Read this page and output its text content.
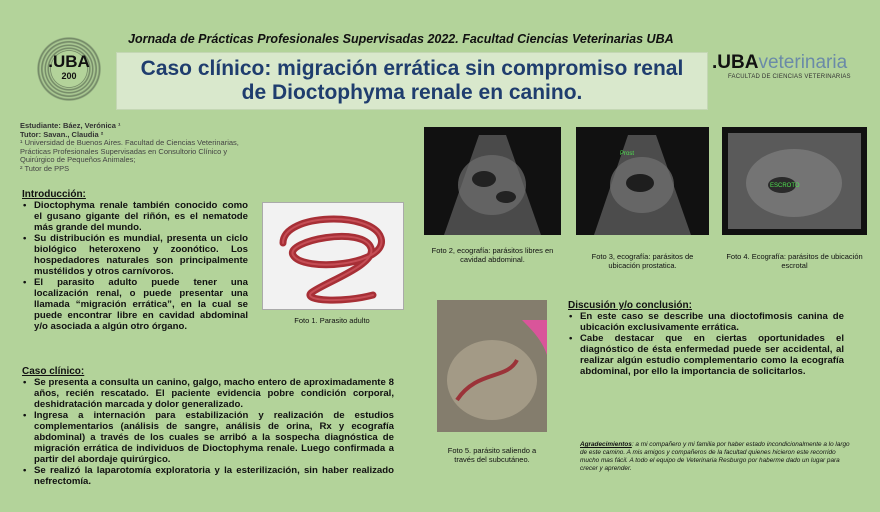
Jornada de Prácticas Profesionales Supervisadas 2022. Facultad Ciencias Veterinarias UBA
.UBA
200	Caso clínico: migración errática sin compromiso renal
de Dioctophyma renale en canino.
.UBAveterinaria
FACULTAD DE CIENCIAS VETERINARIAS
Estudiante: Báez, Verónica ¹
Tutor: Savan., Claudia ²
¹ Universidad de Buenos Aires. Facultad de Ciencias Veterinarias, Prácticas Profesionales Supervisadas en Consultorio Clínico y Quirúrgico de Pequeños Animales;
² Tutor de PPS
Introducción:
• Dioctophyma renale también conocido como el gusano gigante del riñón, es el nematode más grande del mundo.
• Su distribución es mundial, presenta un ciclo biológico heteroxeno y zoonótico. Los hospedadores naturales son principalmente mustélidos y otros carnívoros.
• El parasito adulto puede tener una localización renal, o puede presentar una llamada “migración errática”, en la cual se puede encontrar libre en cavidad abdominal y/o asociada a algún otro órgano.
Foto 1. Parasito adulto
Foto 2, ecografía: parásitos libres en cavidad abdominal.
Prost
Foto 3, ecografía: parásitos de ubicación prostatica.
ESCROTO
Foto 4. Ecografía: parásitos de ubicación escrotal
Foto 5. parásito saliendo a través del subcutáneo.
Caso clínico:
• Se presenta a consulta un canino, galgo, macho entero de aproximadamente 8 años, recién rescatado. El paciente evidencia pobre condición corporal, deshidratación marcada y dolor generalizado.
• Ingresa a internación para estabilización y realización de estudios complementarios (análisis de sangre, análisis de orina, Rx y ecografía abdominal) a través de los cuales se arribó a la sospecha diagnóstica de migración errática de individuos de Dioctophyma renale. Luego confirmada a partir del abordaje quirúrgico.
• Se realizó la laparotomía exploratoria y la esterilización, sin haber realizado nefrectomía.
Discusión y/o conclusión:
• En este caso se describe una dioctofimosis canina de ubicación exclusivamente errática.
• Cabe destacar que en ciertas oportunidades el diagnóstico de ésta enfermedad puede ser accidental, al realizar algún estudio complementario como la ecografía abdominal, por ello la importancia de solicitarlos.
Agradecimientos: a mi compañero y mi familia por haber estado incondicionalmente a lo largo de este camino. A mis amigos y compañeros de la facultad quienes hicieron este recorrido mucho mas fácil. A todo el equipo de Veterinaria Resburgo por haberme dado un lugar para crecer y aprender.
